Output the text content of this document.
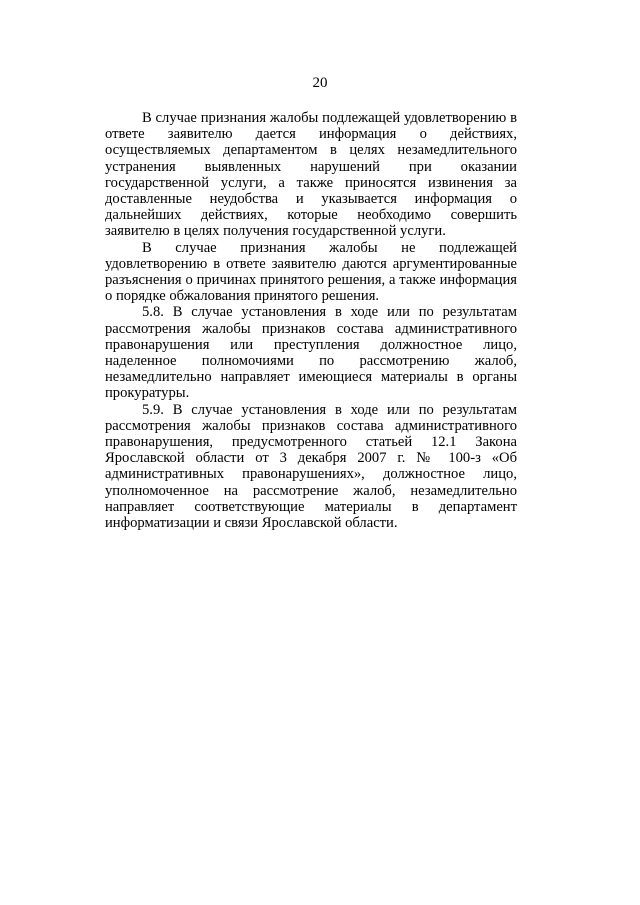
20

В случае признания жалобы подлежащей удовлетворению в ответе заявителю дается информация о действиях, осуществляемых департаментом в целях незамедлительного устранения выявленных нарушений при оказании государственной услуги, а также приносятся извинения за доставленные неудобства и указывается информация о дальнейших действиях, которые необходимо совершить заявителю в целях получения государственной услуги.

В случае признания жалобы не подлежащей удовлетворению в ответе заявителю даются аргументированные разъяснения о причинах принятого решения, а также информация о порядке обжалования принятого решения.

5.8. В случае установления в ходе или по результатам рассмотрения жалобы признаков состава административного правонарушения или преступления должностное лицо, наделенное полномочиями по рассмотрению жалоб, незамедлительно направляет имеющиеся материалы в органы прокуратуры.

5.9. В случае установления в ходе или по результатам рассмотрения жалобы признаков состава административного правонарушения, предусмотренного статьей 12.1 Закона Ярославской области от 3 декабря 2007 г. № 100-з «Об административных правонарушениях», должностное лицо, уполномоченное на рассмотрение жалоб, незамедлительно направляет соответствующие материалы в департамент информатизации и связи Ярославской области.
